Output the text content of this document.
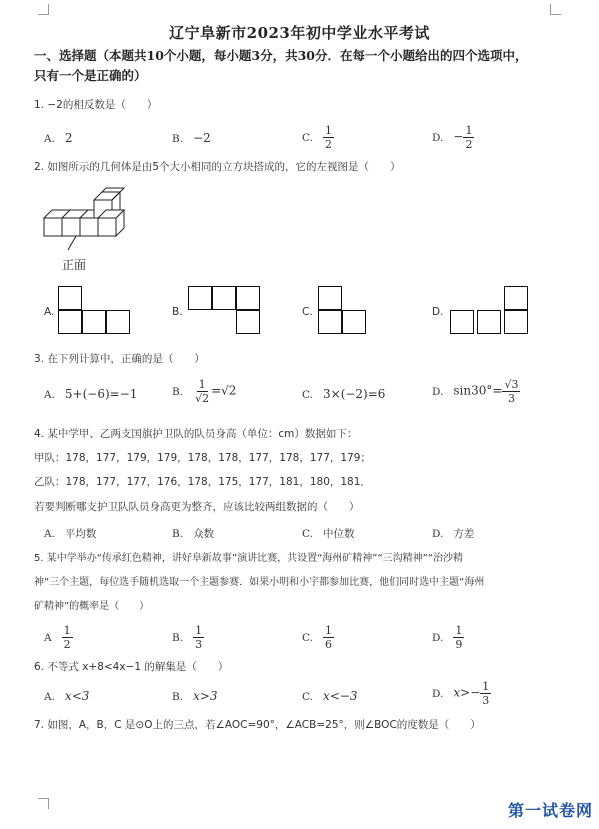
辽宁阜新市2023年初中学业水平考试
一、选择题（本题共10个小题，每小题3分，共30分．在每一个小题给出的四个选项中，
只有一个是正确的）
1. −2的相反数是（　　）
A. 2	B. −2	C. $\frac{1}{2}$	D. − $\frac{1}{2}$
2. 如图所示的几何体是由5个大小相同的立方块搭成的，它的左视图是（　　）
正面
A.	B.	C.	D.
3. 在下列计算中，正确的是（　　）
A. 5+(−6)=−1	B. $\frac{1}{√2} =√2$	C. 3×(−2)=6	D. $\sin 30^\circ= \frac{√3}{3}$
4. 某中学甲、乙两支国旗护卫队的队员身高（单位：cm）数据如下：
甲队：178，177，179，179，178，178，177，178，177，179；
乙队：178，177，177，176，178，175，177，181，180，181．
若要判断哪支护卫队队员身高更为整齐，应该比较两组数据的（　　）
A. 平均数	B. 众数	C. 中位数	D. 方差
5. 某中学举办“传承红色精神，讲好阜新故事”演讲比赛，共设置“海州矿精神”“三沟精神”“治沙精
神”三个主题，每位选手随机选取一个主题参赛．如果小明和小宇都参加比赛，他们同时选中主题“海州
矿精神”的概率是（　　）
A $\frac{1}{2}$	B. $\frac{1}{3}$	C. $\frac{1}{6}$	D. $\frac{1}{9}$
6. 不等式 x+8<4x−1 的解集是（　　）
A. x<3	B. x>3	C. x<−3	D. $x>- \frac{1}{3}$
7. 如图，A，B，C 是⊙O上的三点，若∠AOC=90°，∠ACB=25°，则∠BOC的度数是（　　）
第一试卷网
